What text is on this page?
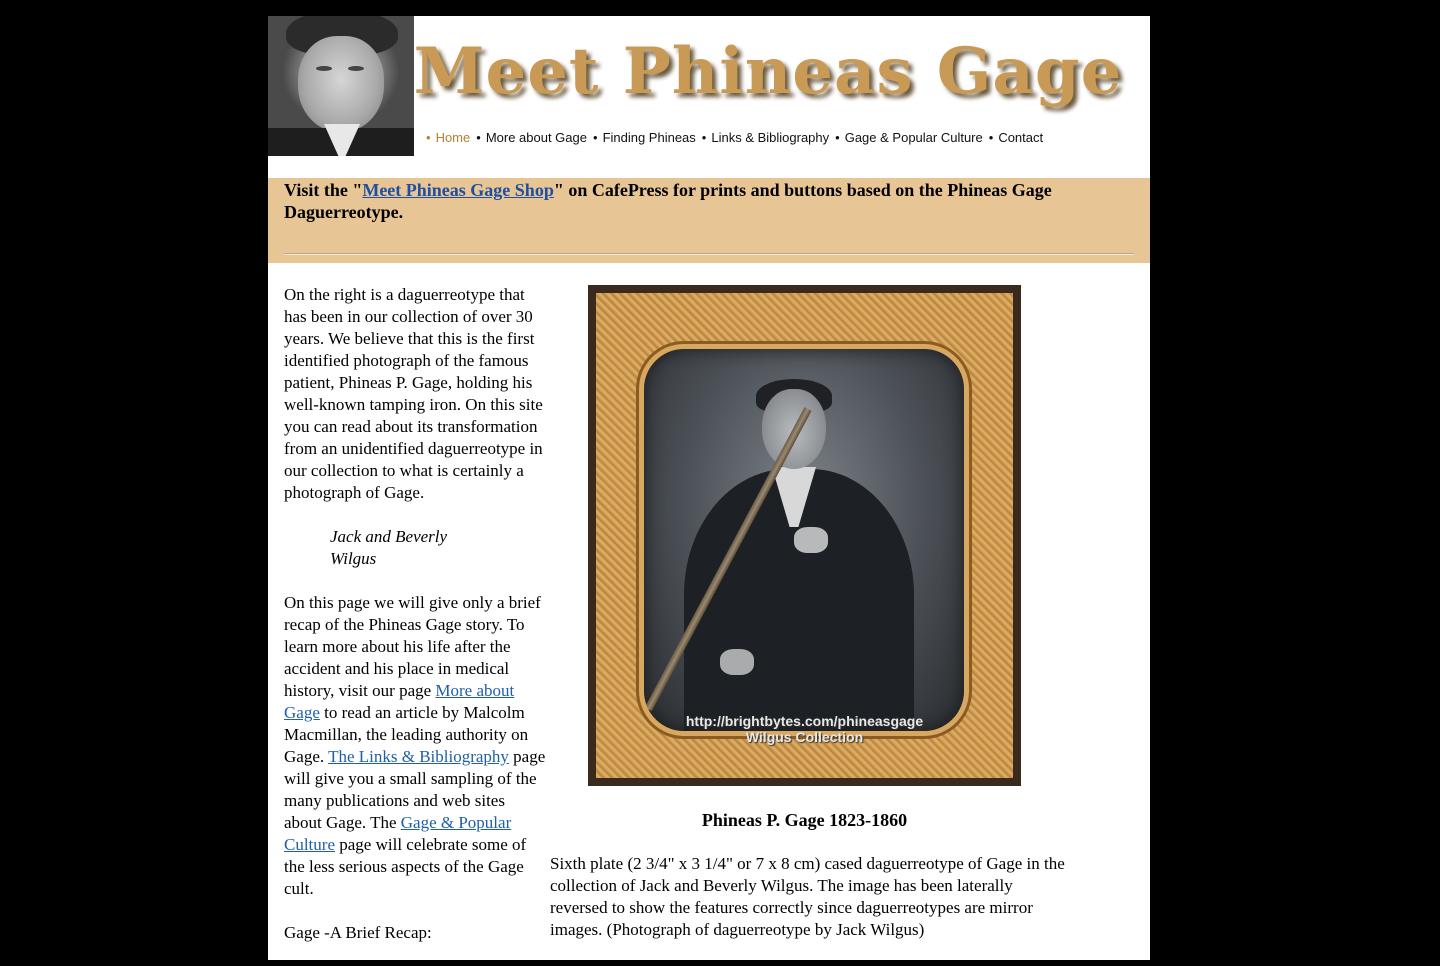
Meet Phineas Gage
• Home • More about Gage • Finding Phineas • Links & Bibliography • Gage & Popular Culture • Contact
Visit the "Meet Phineas Gage Shop" on CafePress for prints and buttons based on the Phineas Gage Daguerreotype.

On the right is a daguerreotype that has been in our collection of over 30 years. We believe that this is the first identified photograph of the famous patient, Phineas P. Gage, holding his well-known tamping iron. On this site you can read about its transformation from an unidentified daguerreotype in our collection to what is certainly a photograph of Gage.

Jack and Beverly
Wilgus

On this page we will give only a brief recap of the Phineas Gage story. To learn more about his life after the accident and his place in medical history, visit our page More about Gage to read an article by Malcolm Macmillan, the leading authority on Gage. The Links & Bibliography page will give you a small sampling of the many publications and web sites about Gage. The Gage & Popular Culture page will celebrate some of the less serious aspects of the Gage cult.

Gage -A Brief Recap:

http://brightbytes.com/phineasgage
Wilgus Collection
Phineas P. Gage 1823-1860
Sixth plate (2 3/4" x 3 1/4" or 7 x 8 cm) cased daguerreotype of Gage in the collection of Jack and Beverly Wilgus. The image has been laterally reversed to show the features correctly since daguerreotypes are mirror images. (Photograph of daguerreotype by Jack Wilgus)
